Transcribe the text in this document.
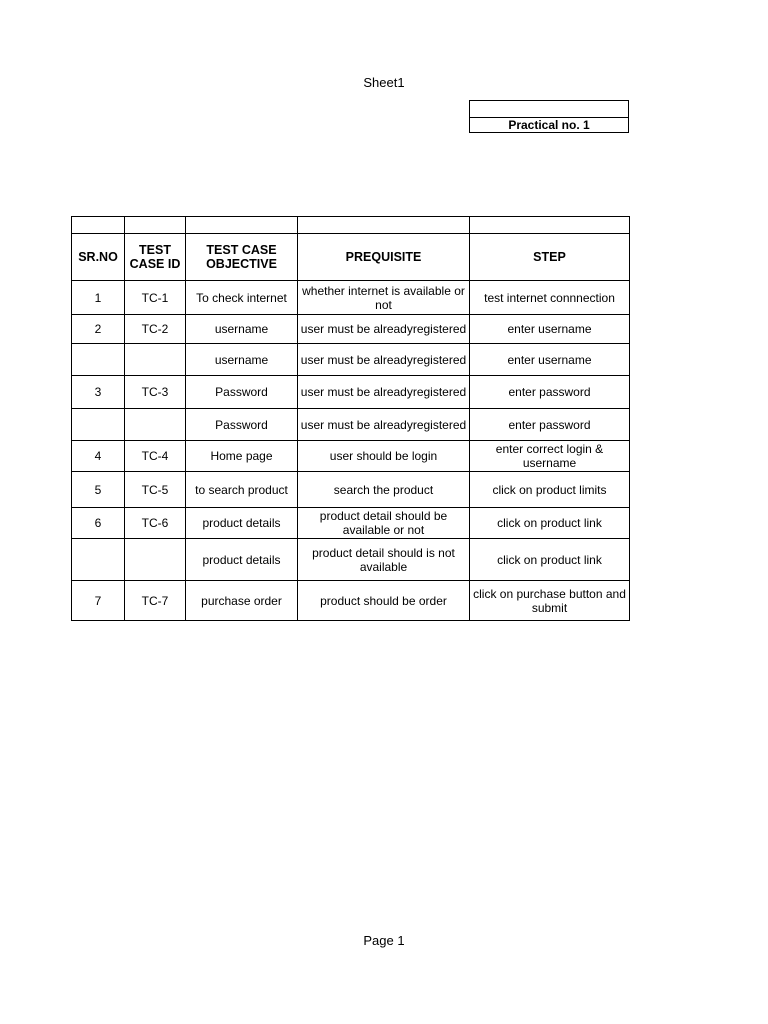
Sheet1
Practical no. 1

SR.NO	TEST CASE ID	TEST CASE OBJECTIVE	PREQUISITE	STEP
1	TC-1	To check internet	whether internet is available or not	test internet connnection
2	TC-2	username	user must be alreadyregistered	enter username
		username	user must be alreadyregistered	enter username
3	TC-3	Password	user must be alreadyregistered	enter password
		Password	user must be alreadyregistered	enter password
4	TC-4	Home page	user should be login	enter correct login & username
5	TC-5	to search product	search the product	click on product limits
6	TC-6	product details	product detail should be available or not	click on product link
		product details	product detail should is not available	click on product link
7	TC-7	purchase order	product should be order	click on purchase button and submit
Page 1
